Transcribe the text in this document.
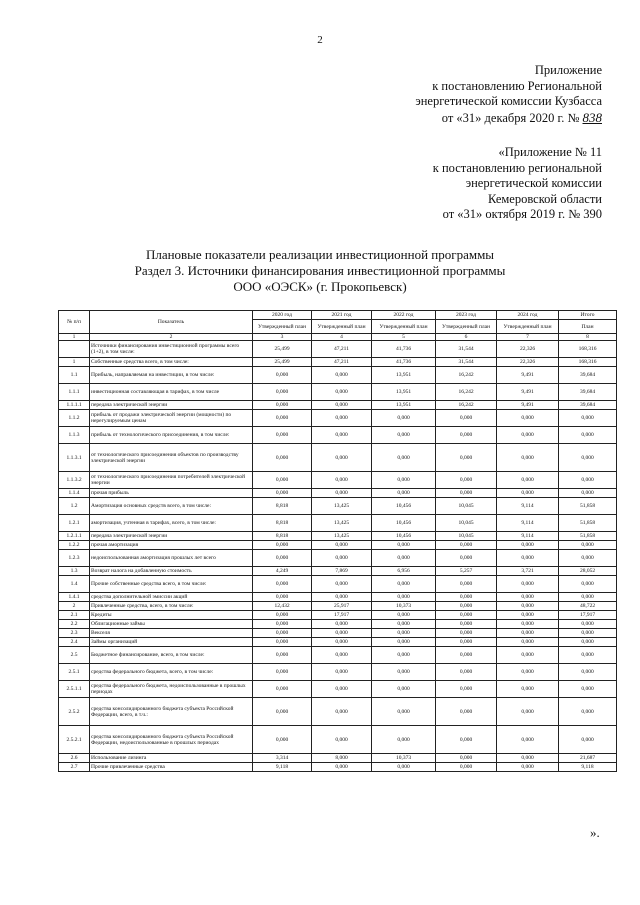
2
Приложение
к постановлению Региональной
энергетической комиссии Кузбасса
от «31» декабря 2020 г. № 838
«Приложение № 11
к постановлению региональной
энергетической комиссии
Кемеровской области
от «31» октября 2019 г. № 390
Плановые показатели реализации инвестиционной программы
Раздел 3. Источники финансирования инвестиционной программы
ООО «ОЭСК» (г. Прокопьевск)
№ п/п	Показатель	2020 год	2021 год	2022 год	2023 год	2024 год	Итого
		Утвержденный план	Утвержденный план	Утвержденный план	Утвержденный план	Утвержденный план	План
1	2	3	4	5	6	7	8
	Источники финансирования инвестиционной программы всего (1+2), в том числе:	25,499	47,211	41,736	31,544	22,326	168,316
1	Собственные средства всего, в том числе:	25,499	47,211	41,736	31,544	22,326	168,316
1.1	Прибыль, направляемая на инвестиции, в том числе:	0,000	0,000	13,951	16,242	9,491	39,684
1.1.1	инвестиционная составляющая в тарифах, в том числе	0,000	0,000	13,951	16,242	9,491	39,684
1.1.1.1	передача электрической энергии	0,000	0,000	13,951	16,242	9,491	39,684
1.1.2	прибыль от продажи электрической энергии (мощности) по нерегулируемым ценам	0,000	0,000	0,000	0,000	0,000	0,000
1.1.3	прибыль от технологического присоединения, в том числе:	0,000	0,000	0,000	0,000	0,000	0,000
1.1.3.1	от технологического присоединения объектов по производству электрической энергии	0,000	0,000	0,000	0,000	0,000	0,000
1.1.3.2	от технологического присоединения потребителей электрической энергии	0,000	0,000	0,000	0,000	0,000	0,000
1.1.4	прочая прибыль	0,000	0,000	0,000	0,000	0,000	0,000
1.2	Амортизация основных средств всего, в том числе:	8,818	13,425	10,456	10,045	9,114	51,858
1.2.1	амортизация, учтенная в тарифах, всего, в том числе:	8,818	13,425	10,456	10,045	9,114	51,858
1.2.1.1	передача электрической энергии	8,818	13,425	10,456	10,045	9,114	51,858
1.2.2	прочая амортизация	0,000	0,000	0,000	0,000	0,000	0,000
1.2.3	недоиспользованная амортизация прошлых лет всего	0,000	0,000	0,000	0,000	0,000	0,000
1.3	Возврат налога на добавленную стоимость	4,249	7,869	6,956	5,257	3,721	28,052
1.4	Прочие собственные средства всего, в том числе:	0,000	0,000	0,000	0,000	0,000	0,000
1.4.1	средства дополнительной эмиссии акций	0,000	0,000	0,000	0,000	0,000	0,000
2	Привлеченные средства, всего, в том числе:	12,432	25,917	10,373	0,000	0,000	48,722
2.1	Кредиты	0,000	17,917	0,000	0,000	0,000	17,917
2.2	Облигационные займы	0,000	0,000	0,000	0,000	0,000	0,000
2.3	Векселя	0,000	0,000	0,000	0,000	0,000	0,000
2.4	Займы организаций	0,000	0,000	0,000	0,000	0,000	0,000
2.5	Бюджетное финансирование, всего, в том числе:	0,000	0,000	0,000	0,000	0,000	0,000
2.5.1	средства федерального бюджета, всего, в том числе:	0,000	0,000	0,000	0,000	0,000	0,000
2.5.1.1	средства федерального бюджета, недоиспользованные в прошлых периодах	0,000	0,000	0,000	0,000	0,000	0,000
2.5.2	средства консолидированного бюджета субъекта Российской Федерации, всего, в т.ч.:	0,000	0,000	0,000	0,000	0,000	0,000
2.5.2.1	средства консолидированного бюджета субъекта Российской Федерации, недоиспользованные в прошлых периодах	0,000	0,000	0,000	0,000	0,000	0,000
2.6	Использование лизинга	3,314	8,000	10,373	0,000	0,000	21,687
2.7	Прочие привлеченные средства	9,118	0,000	0,000	0,000	0,000	9,118
».
